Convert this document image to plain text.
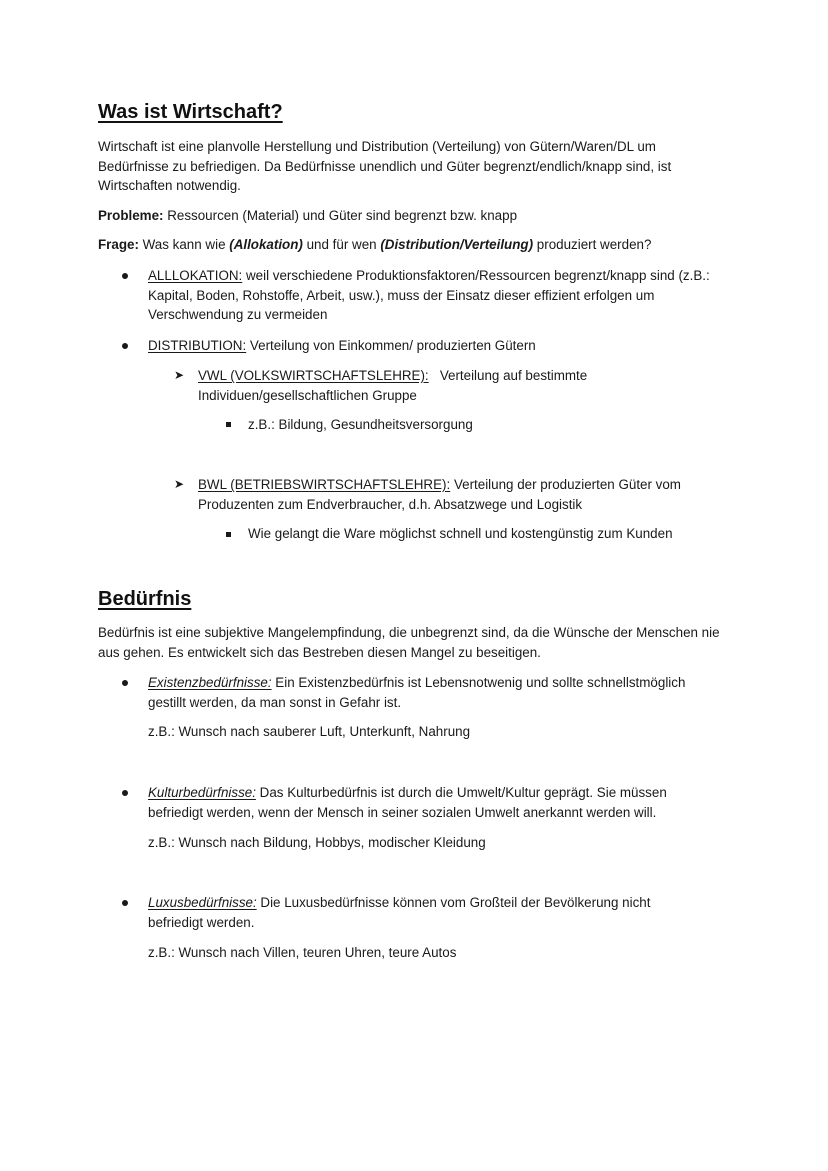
Was ist Wirtschaft?

Wirtschaft ist eine planvolle Herstellung und Distribution (Verteilung) von Gütern/Waren/DL um Bedürfnisse zu befriedigen. Da Bedürfnisse unendlich und Güter begrenzt/endlich/knapp sind, ist Wirtschaften notwendig.

Probleme: Ressourcen (Material) und Güter sind begrenzt bzw. knapp

Frage: Was kann wie (Allokation) und für wen (Distribution/Verteilung) produziert werden?

ALLLOKATION: weil verschiedene Produktionsfaktoren/Ressourcen begrenzt/knapp sind (z.B.: Kapital, Boden, Rohstoffe, Arbeit, usw.), muss der Einsatz dieser effizient erfolgen um Verschwendung zu vermeiden

DISTRIBUTION: Verteilung von Einkommen/ produzierten Gütern

➤ VWL (VOLKSWIRTSCHAFTSLEHRE):   Verteilung auf bestimmte Individuen/gesellschaftlichen Gruppe

z.B.: Bildung, Gesundheitsversorgung

➤ BWL (BETRIEBSWIRTSCHAFTSLEHRE): Verteilung der produzierten Güter vom Produzenten zum Endverbraucher, d.h. Absatzwege und Logistik

Wie gelangt die Ware möglichst schnell und kostengünstig zum Kunden

Bedürfnis

Bedürfnis ist eine subjektive Mangelempfindung, die unbegrenzt sind, da die Wünsche der Menschen nie aus gehen. Es entwickelt sich das Bestreben diesen Mangel zu beseitigen.

Existenzbedürfnisse: Ein Existenzbedürfnis ist Lebensnotwenig und sollte schnellstmöglich gestillt werden, da man sonst in Gefahr ist.

z.B.: Wunsch nach sauberer Luft, Unterkunft, Nahrung

Kulturbedürfnisse: Das Kulturbedürfnis ist durch die Umwelt/Kultur geprägt. Sie müssen befriedigt werden, wenn der Mensch in seiner sozialen Umwelt anerkannt werden will.

z.B.: Wunsch nach Bildung, Hobbys, modischer Kleidung

Luxusbedürfnisse: Die Luxusbedürfnisse können vom Großteil der Bevölkerung nicht befriedigt werden.

z.B.: Wunsch nach Villen, teuren Uhren, teure Autos
